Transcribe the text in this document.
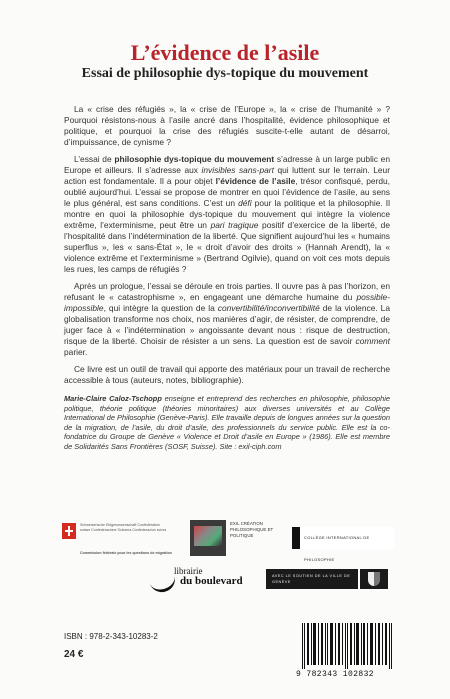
L’évidence de l’asile
Essai de philosophie dys-topique du mouvement

La « crise des réfugiés », la « crise de l’Europe », la « crise de l’humanité » ? Pourquoi résistons-nous à l’asile ancré dans l’hospitalité, évidence philosophique et politique, et pourquoi la crise des réfugiés suscite-t-elle autant de désarroi, d’impuissance, de cynisme ?

L’essai de philosophie dys-topique du mouvement s’adresse à un large public en Europe et ailleurs. Il s’adresse aux invisibles sans-part qui luttent sur le terrain. Leur action est fondamentale. Il a pour objet l’évidence de l’asile, trésor confisqué, perdu, oublié aujourd’hui. L’essai se propose de montrer en quoi l’évidence de l’asile, au sens le plus général, est sans conditions. C’est un défi pour la politique et la philosophie. Il montre en quoi la philosophie dys-topique du mouvement qui intègre la violence extrême, l’exterminisme, peut être un pari tragique positif d’exercice de la liberté, de l’hospitalité dans l’indétermination de la liberté. Que signifient aujourd’hui les « humains superflus », les « sans-État », le « droit d’avoir des droits » (Hannah Arendt), la « violence extrême et l’exterminisme » (Bertrand Ogilvie), quand on voit ces mots depuis les rues, les camps de réfugiés ?

Après un prologue, l’essai se déroule en trois parties. Il ouvre pas à pas l’horizon, en refusant le « catastrophisme », en engageant une démarche humaine du possible-impossible, qui intègre la question de la convertibilité/inconvertibilité de la violence. La globalisation transforme nos choix, nos manières d’agir, de résister, de comprendre, de juger face à « l’indétermination » angoissante devant nous : risque de destruction, risque de la liberté. Choisir de résister a un sens. La question est de savoir comment parier.

Ce livre est un outil de travail qui apporte des matériaux pour un travail de recherche accessible à tous (auteurs, notes, bibliographie).

Marie-Claire Caloz-Tschopp enseigne et entreprend des recherches en philosophie, philosophie politique, théorie politique (théories minoritaires) aux diverses universités et au Collège International de Philosophie (Genève-Paris). Elle travaille depuis de longues années sur la question de la migration, de l’asile, du droit d’asile, des professionnels du service public. Elle est la co-fondatrice du Groupe de Genève « Violence et Droit d’asile en Europe » (1986). Elle est membre de Solidarités Sans Frontières (SOSF, Suisse). Site : exil-ciph.com
Schweizerische Eidgenossenschaft Confédération suisse Confederazione Svizzera Confederaziun svizra
Commission fédérale pour les questions de migration
EXIL CRÉATION PHILOSOPHIQUE ET POLITIQUE	COLLÈGE INTERNATIONAL DE PHILOSOPHIE
librairie
du boulevard	AVEC LE SOUTIEN DE LA VILLE DE GENÈVE
ISBN : 978-2-343-10283-2
24 €
9 782343 102832
